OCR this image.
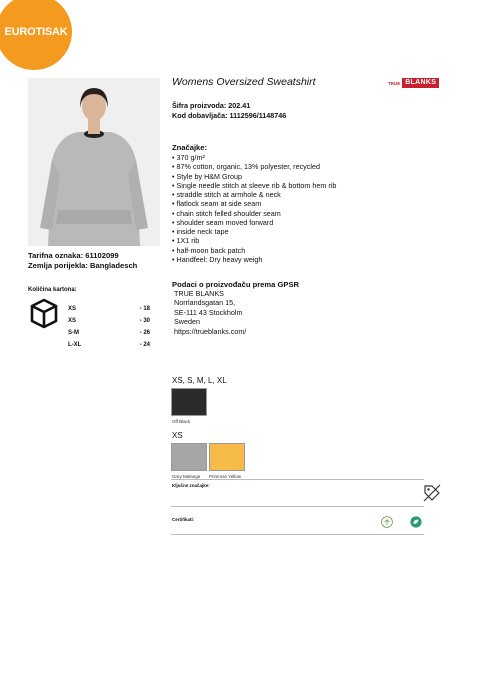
EUROTISAK
Tarifna oznaka: 61102099
Zemlja porijekla: Bangladesch
Količina kartona:
XS	- 18
XS	- 30
S-M	- 26
L-XL	- 24
Womens Oversized Sweatshirt	TRUE BLANKS
Šifra proizvoda: 202.41
Kod dobavljača: 1112596/1148746
Značajke:
• 370 g/m²
• 87% cotton, organic, 13% polyester, recycled
• Style by H&M Group
• Single needle stitch at sleeve rib & bottom hem rib
• straddle stitch at armhole & neck
• flatlock seam at side seam
• chain stitch felled shoulder seam
• shoulder seam moved forward
• inside neck tape
• 1X1 rib
• half-moon back patch
• Handfeel: Dry heavy weigh
Podaci o proizvođaču prema GPSR
TRUE BLANKS
Norrlandsgatan 15,
SE-111 43 Stockholm
Sweden
https://trueblanks.com/
XS, S, M, L, XL
Off Black
XS
Grey Melange Primrose Yellow
Ključne značajke:
Certifikati:
